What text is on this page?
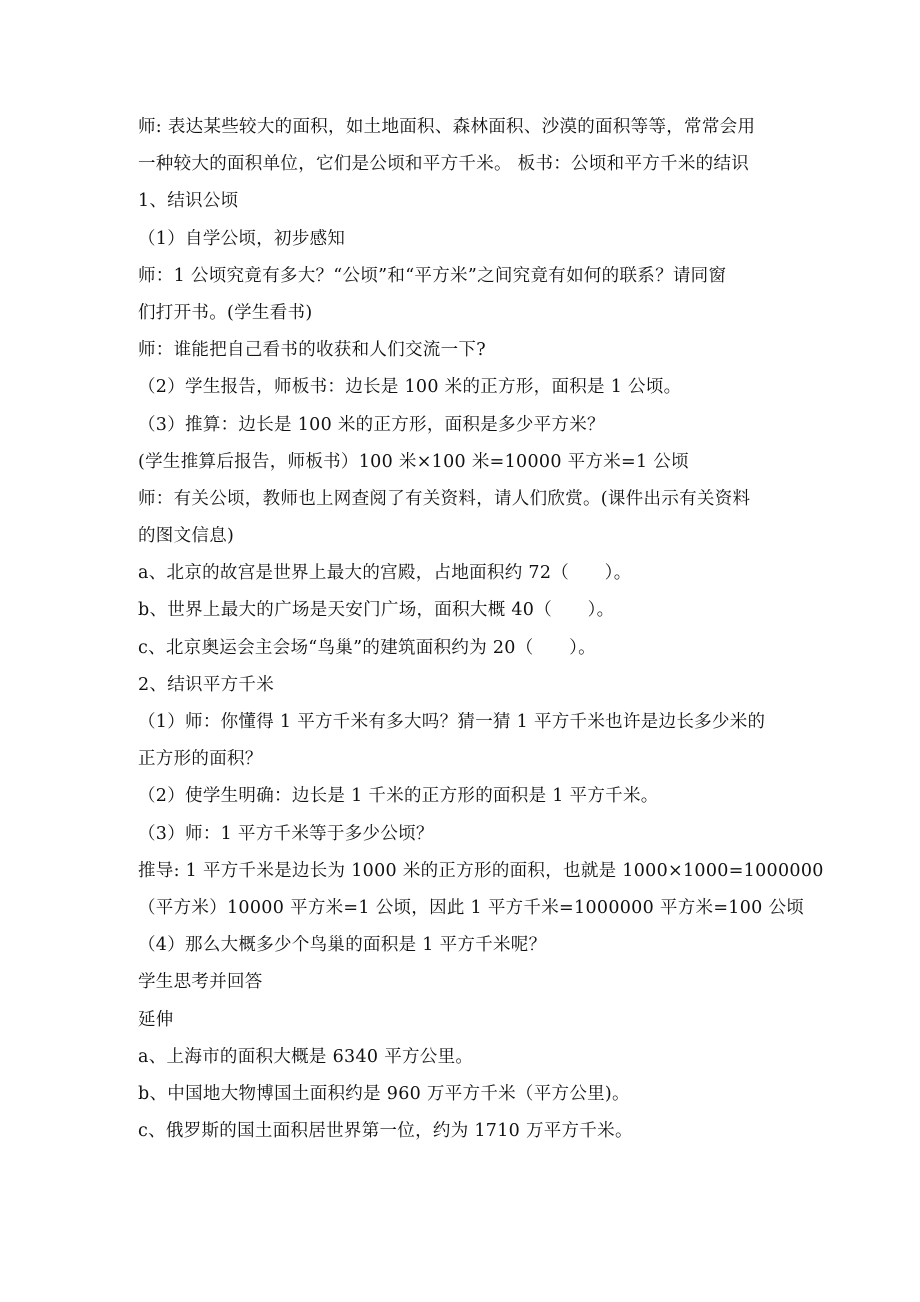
师: 表达某些较大的面积，如土地面积、森林面积、沙漠的面积等等，常常会用
一种较大的面积单位，它们是公顷和平方千米。 板书：公顷和平方千米的结识
1、结识公顷
（1）自学公顷，初步感知
师：1 公顷究竟有多大？“公顷”和“平方米”之间究竟有如何的联系？请同窗
们打开书。(学生看书)
师：谁能把自己看书的收获和人们交流一下?
（2）学生报告，师板书：边长是 100 米的正方形，面积是 1 公顷。
（3）推算：边长是 100 米的正方形，面积是多少平方米？
(学生推算后报告，师板书）100 米×100 米=10000 平方米=1 公顷
师：有关公顷，教师也上网查阅了有关资料，请人们欣赏。(课件出示有关资料
的图文信息)
a、北京的故宫是世界上最大的宫殿，占地面积约 72（　　）。
b、世界上最大的广场是天安门广场，面积大概 40（　　）。
c、北京奥运会主会场“鸟巢”的建筑面积约为 20（　　）。
2、结识平方千米
（1）师：你懂得 1 平方千米有多大吗？猜一猜 1 平方千米也许是边长多少米的
正方形的面积？
（2）使学生明确：边长是 1 千米的正方形的面积是 1 平方千米。
（3）师：1 平方千米等于多少公顷？
推导: 1 平方千米是边长为 1000 米的正方形的面积，也就是 1000×1000=1000000
（平方米）10000 平方米=1 公顷，因此 1 平方千米=1000000 平方米=100 公顷
（4）那么大概多少个鸟巢的面积是 1 平方千米呢？
学生思考并回答
延伸
a、上海市的面积大概是 6340 平方公里。
b、中国地大物博国土面积约是 960 万平方千米（平方公里)。
c、俄罗斯的国土面积居世界第一位，约为 1710 万平方千米。
